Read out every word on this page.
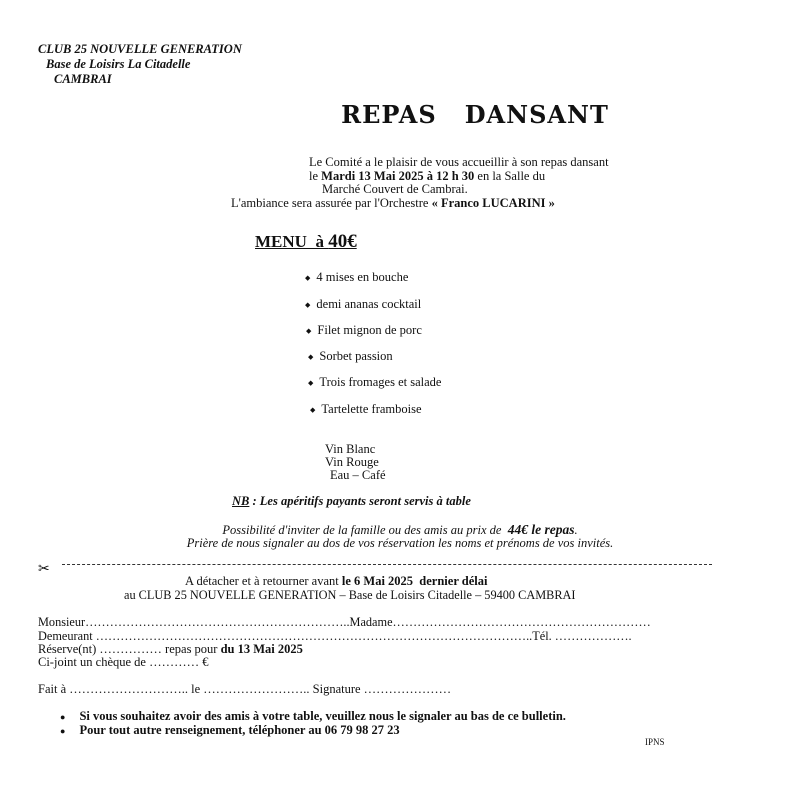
CLUB 25 NOUVELLE GENERATION
Base de Loisirs La Citadelle
CAMBRAI
REPAS   DANSANT
Le Comité a le plaisir de vous accueillir à son repas dansant
le Mardi 13 Mai 2025 à 12 h 30 en la Salle du
Marché Couvert de Cambrai.
L'ambiance sera assurée par l'Orchestre « Franco LUCARINI »
MENU  à 40€
◆ 4 mises en bouche
◆ demi ananas cocktail
◆ Filet mignon de porc
◆ Sorbet passion
◆ Trois fromages et salade
◆ Tartelette framboise
Vin Blanc
Vin Rouge
Eau – Café
NB : Les apéritifs payants seront servis à table
Possibilité d'inviter de la famille ou des amis au prix de  44€ le repas.
Prière de nous signaler au dos de vos réservation les noms et prénoms de vos invités.
✂
A détacher et à retourner avant le 6 Mai 2025  dernier délai
au CLUB 25 NOUVELLE GENERATION – Base de Loisirs Citadelle – 59400 CAMBRAI
Monsieur………………………………………………………..Madame………………………………………………………
Demeurant ……………………………………………………………………………………………..Tél. ……………….
Réserve(nt) …………… repas pour du 13 Mai 2025
Ci-joint un chèque de ………… €
Fait à ……………………….. le …………………….. Signature …………………
● Si vous souhaitez avoir des amis à votre table, veuillez nous le signaler au bas de ce bulletin.
● Pour tout autre renseignement, téléphoner au 06 79 98 27 23
IPNS
